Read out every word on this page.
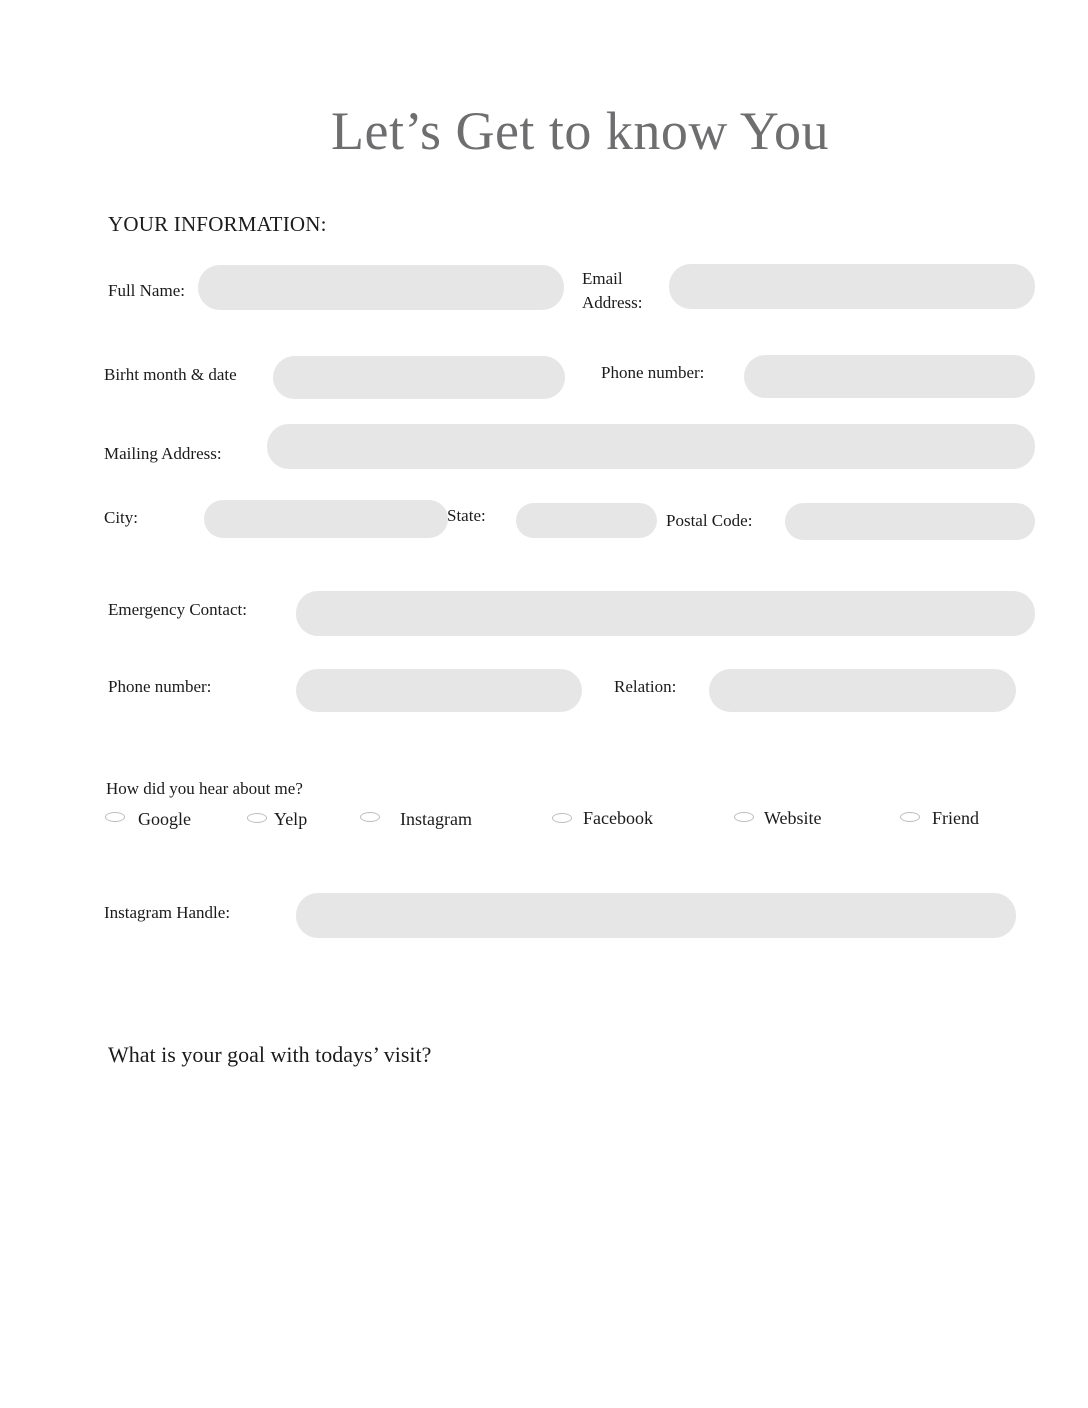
Let’s Get to know You
YOUR INFORMATION:
Full Name:
Email Address:
Birht month & date	Phone number:
Mailing Address:
City:	State:	Postal Code:
Emergency Contact:
Phone number:	Relation:
How did you hear about me?
Google	Yelp	Instagram	Facebook	Website	Friend
Instagram Handle:
What is your goal with todays’ visit?
